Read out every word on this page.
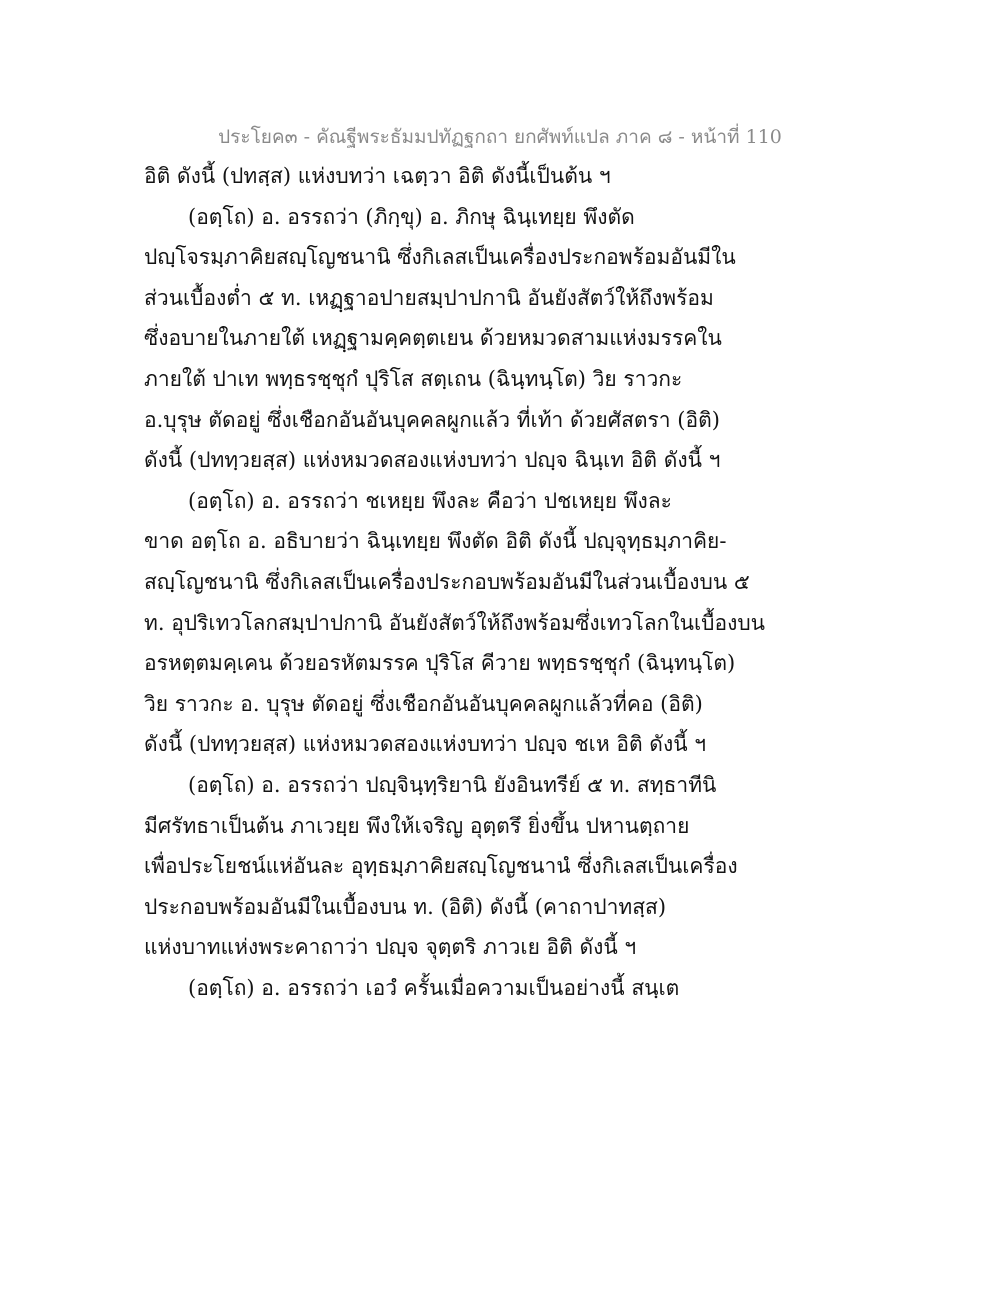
ประโยค๓ - คัณฐีพระธัมมปทัฏฐกถา ยกศัพท์แปล ภาค ๘ - หน้าที่ 110
อิติ ดังนี้ (ปทสฺส) แห่งบทว่า เฉตฺวา อิติ ดังนี้เป็นต้น ฯ
(อตฺโถ) อ. อรรถว่า (ภิกฺขุ) อ. ภิกษุ ฉินฺเทยฺย พึงตัด
ปญฺโจรมฺภาคิยสญฺโญชนานิ ซึ่งกิเลสเป็นเครื่องประกอพร้อมอันมีใน
ส่วนเบื้องต่ำ ๕ ท. เหฏฺฐาอปายสมฺปาปกานิ อันยังสัตว์ให้ถึงพร้อม
ซึ่งอบายในภายใต้ เหฏฺฐามคฺคตฺตเยน ด้วยหมวดสามแห่งมรรคใน
ภายใต้ ปาเท พทฺธรชฺชุกํ ปุริโส สตฺเถน (ฉินฺทนฺโต) วิย ราวกะ
อ.บุรุษ ตัดอยู่ ซึ่งเชือกอันอันบุคคลผูกแล้ว ที่เท้า ด้วยศัสตรา (อิติ)
ดังนี้ (ปททฺวยสฺส) แห่งหมวดสองแห่งบทว่า ปญฺจ ฉินฺเท อิติ ดังนี้ ฯ
(อตฺโถ) อ. อรรถว่า ชเหยฺย พึงละ คือว่า ปชเหยฺย พึงละ
ขาด อตฺโถ อ. อธิบายว่า ฉินฺเทยฺย พึงตัด อิติ ดังนี้ ปญฺจุทฺธมฺภาคิย-
สญฺโญชนานิ ซึ่งกิเลสเป็นเครื่องประกอบพร้อมอันมีในส่วนเบื้องบน ๕
ท. อุปริเทวโลกสมฺปาปกานิ อันยังสัตว์ให้ถึงพร้อมซึ่งเทวโลกในเบื้องบน
อรหตฺตมคฺเคน ด้วยอรหัตมรรค ปุริโส คีวาย พทฺธรชฺชุกํ (ฉินฺทนฺโต)
วิย ราวกะ อ. บุรุษ ตัดอยู่ ซึ่งเชือกอันอันบุคคลผูกแล้วที่คอ (อิติ)
ดังนี้ (ปททฺวยสฺส) แห่งหมวดสองแห่งบทว่า ปญฺจ ชเห อิติ ดังนี้ ฯ
(อตฺโถ) อ. อรรถว่า ปญฺจินฺทฺริยานิ ยังอินทรีย์ ๕ ท. สทฺธาทีนิ
มีศรัทธาเป็นต้น ภาเวยฺย พึงให้เจริญ อุตฺตรึ ยิ่งขึ้น ปหานตฺถาย
เพื่อประโยชน์แห่อันละ อุทฺธมฺภาคิยสญฺโญชนานํ ซึ่งกิเลสเป็นเครื่อง
ประกอบพร้อมอันมีในเบื้องบน ท. (อิติ) ดังนี้ (คาถาปาทสฺส)
แห่งบาทแห่งพระคาถาว่า ปญฺจ จุตฺตริ ภาวเย อิติ ดังนี้ ฯ
(อตฺโถ) อ. อรรถว่า เอวํ ครั้นเมื่อความเป็นอย่างนี้ สนฺเต
